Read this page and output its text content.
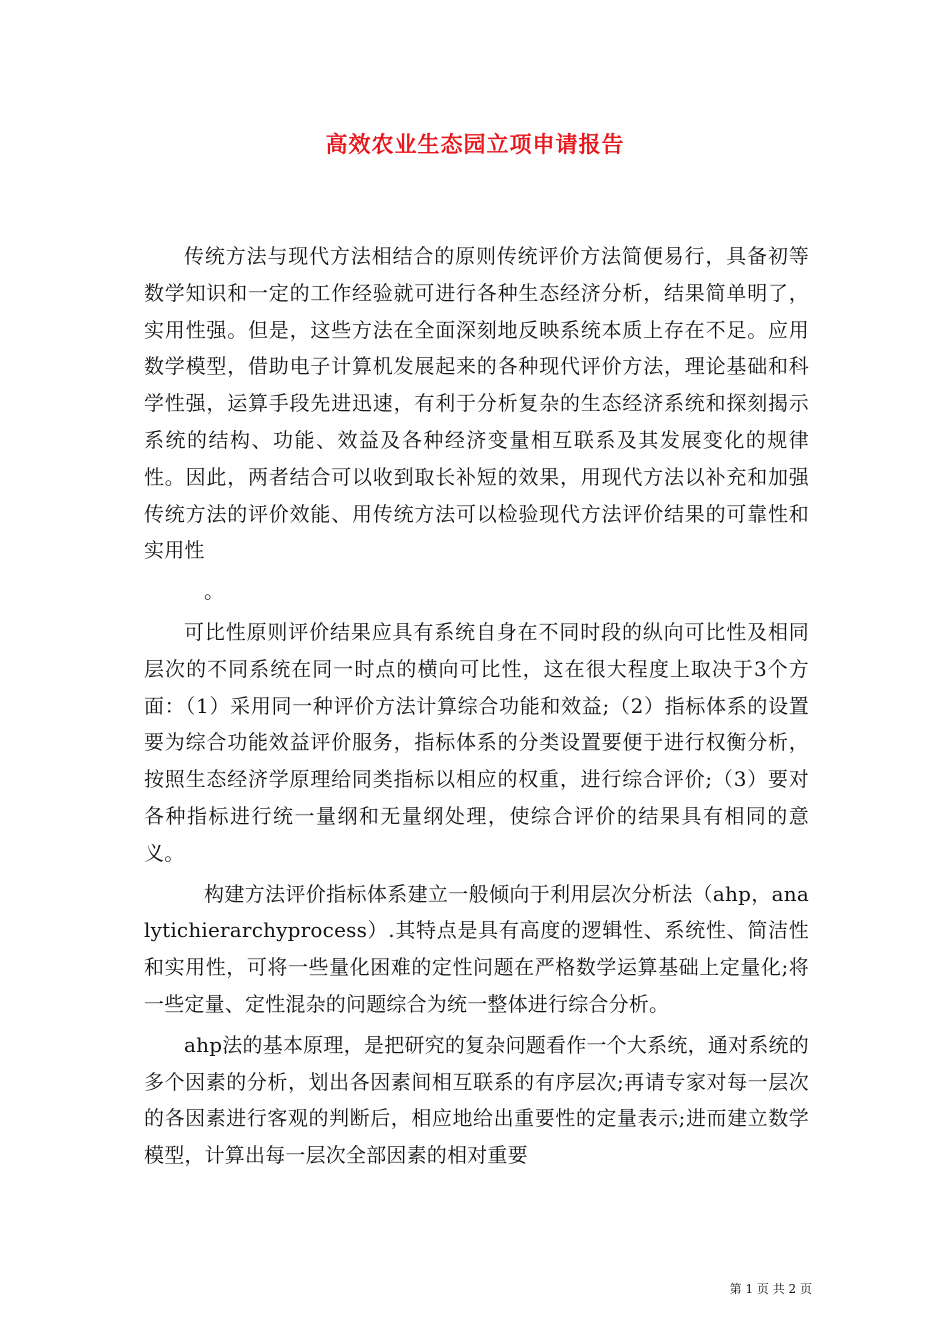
高效农业生态园立项申请报告

传统方法与现代方法相结合的原则传统评价方法简便易行，具备初等数学知识和一定的工作经验就可进行各种生态经济分析，结果简单明了，实用性强。但是，这些方法在全面深刻地反映系统本质上存在不足。应用数学模型，借助电子计算机发展起来的各种现代评价方法，理论基础和科学性强，运算手段先进迅速，有利于分析复杂的生态经济系统和探刻揭示系统的结构、功能、效益及各种经济变量相互联系及其发展变化的规律性。因此，两者结合可以收到取长补短的效果，用现代方法以补充和加强传统方法的评价效能、用传统方法可以检验现代方法评价结果的可靠性和实用性

。

可比性原则评价结果应具有系统自身在不同时段的纵向可比性及相同层次的不同系统在同一时点的横向可比性，这在很大程度上取决于3个方面：（1）采用同一种评价方法计算综合功能和效益;（2）指标体系的设置要为综合功能效益评价服务，指标体系的分类设置要便于进行权衡分析，按照生态经济学原理给同类指标以相应的权重，进行综合评价;（3）要对各种指标进行统一量纲和无量纲处理，使综合评价的结果具有相同的意义。

构建方法评价指标体系建立一般倾向于利用层次分析法（ahp，analytichierarchyprocess）.其特点是具有高度的逻辑性、系统性、简洁性和实用性，可将一些量化困难的定性问题在严格数学运算基础上定量化;将一些定量、定性混杂的问题综合为统一整体进行综合分析。

ahp法的基本原理，是把研究的复杂问题看作一个大系统，通对系统的多个因素的分析，划出各因素间相互联系的有序层次;再请专家对每一层次的各因素进行客观的判断后，相应地给出重要性的定量表示;进而建立数学模型，计算出每一层次全部因素的相对重要

第 1 页 共 2 页
